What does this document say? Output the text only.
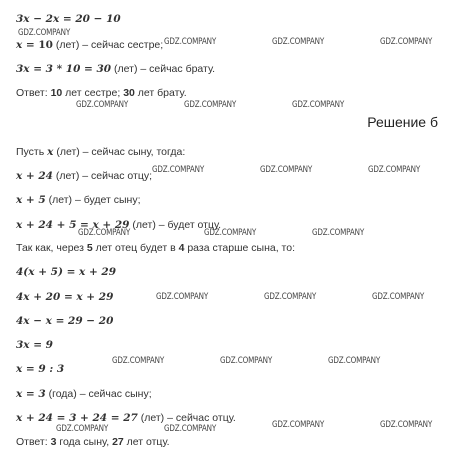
3x − 2x = 20 − 10
x = 10 (лет) – сейчас сестре;
3x = 3 * 10 = 30 (лет) – сейчас брату.
Ответ: 10 лет сестре; 30 лет брату.
Решение б
Пусть x (лет) – сейчас сыну, тогда:
x + 24 (лет) – сейчас отцу;
x + 5 (лет) – будет сыну;
x + 24 + 5 = x + 29 (лет) – будет отцу.
Так как, через 5 лет отец будет в 4 раза старше сына, то:
4(x + 5) = x + 29
4x + 20 = x + 29
4x − x = 29 − 20
3x = 9
x = 9 : 3
x = 3 (года) – сейчас сыну;
x + 24 = 3 + 24 = 27 (лет) – сейчас отцу.
Ответ: 3 года сыну, 27 лет отцу.
GDZ.COMPANY
GDZ.COMPANY	GDZ.COMPANY	GDZ.COMPANY
GDZ.COMPANY	GDZ.COMPANY	GDZ.COMPANY
GDZ.COMPANY	GDZ.COMPANY	GDZ.COMPANY
GDZ.COMPANY	GDZ.COMPANY	GDZ.COMPANY
GDZ.COMPANY	GDZ.COMPANY	GDZ.COMPANY
GDZ.COMPANY	GDZ.COMPANY	GDZ.COMPANY
GDZ.COMPANY	GDZ.COMPANY	GDZ.COMPANY	GDZ.COMPANY
